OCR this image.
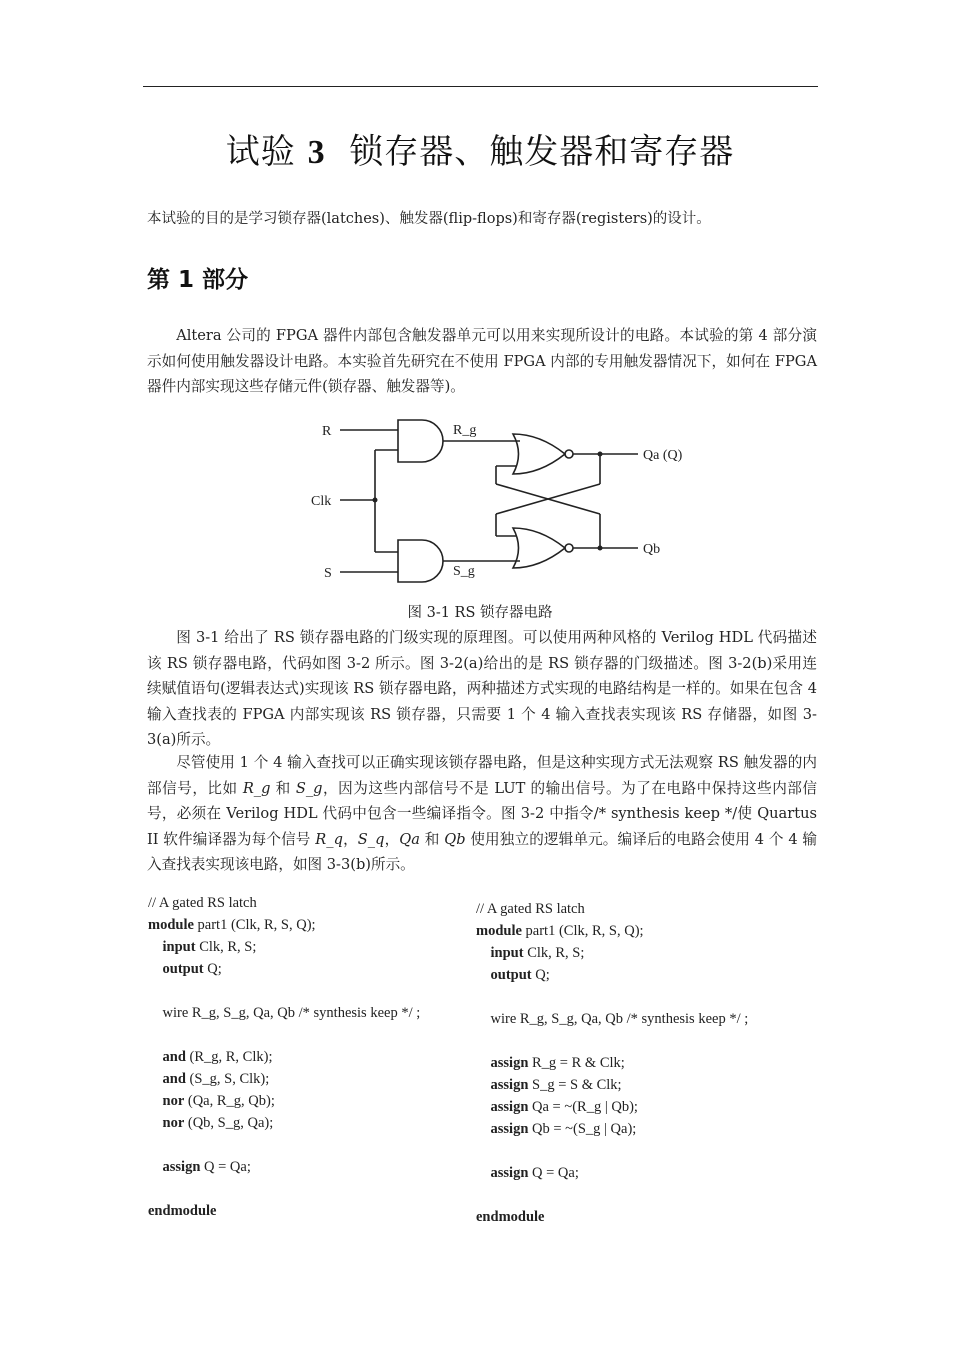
试验 3 锁存器、触发器和寄存器
本试验的目的是学习锁存器(latches)、触发器(flip-flops)和寄存器(registers)的设计。
第 1 部分
Altera 公司的 FPGA 器件内部包含触发器单元可以用来实现所设计的电路。本试验的第 4 部分演示如何使用触发器设计电路。本实验首先研究在不使用 FPGA 内部的专用触发器情况下，如何在 FPGA 器件内部实现这些存储元件(锁存器、触发器等)。
R
Clk
S
R_g
S_g
Qa (Q)
Qb
图 3-1 RS 锁存器电路
图 3-1 给出了 RS 锁存器电路的门级实现的原理图。可以使用两种风格的 Verilog HDL 代码描述该 RS 锁存器电路，代码如图 3-2 所示。图 3-2(a)给出的是 RS 锁存器的门级描述。图 3-2(b)采用连续赋值语句(逻辑表达式)实现该 RS 锁存器电路，两种描述方式实现的电路结构是一样的。如果在包含 4 输入查找表的 FPGA 内部实现该 RS 锁存器，只需要 1 个 4 输入查找表实现该 RS 存储器，如图 3-3(a)所示。
尽管使用 1 个 4 输入查找可以正确实现该锁存器电路，但是这种实现方式无法观察 RS 触发器的内部信号，比如 R_g 和 S_g，因为这些内部信号不是 LUT 的输出信号。为了在电路中保持这些内部信号，必须在 Verilog HDL 代码中包含一些编译指令。图 3-2 中指令/* synthesis keep */使 Quartus II 软件编译器为每个信号 R_q，S_q，Qa 和 Qb 使用独立的逻辑单元。编译后的电路会使用 4 个 4 输入查找表实现该电路，如图 3-3(b)所示。
// A gated RS latch
module part1 (Clk, R, S, Q);
input Clk, R, S;
output Q;

wire R_g, S_g, Qa, Qb /* synthesis keep */ ;

and (R_g, R, Clk);
and (S_g, S, Clk);
nor (Qa, R_g, Qb);
nor (Qb, S_g, Qa);

assign Q = Qa;

endmodule
// A gated RS latch
module part1 (Clk, R, S, Q);
input Clk, R, S;
output Q;

wire R_g, S_g, Qa, Qb /* synthesis keep */ ;

assign R_g = R & Clk;
assign S_g = S & Clk;
assign Qa = ~(R_g | Qb);
assign Qb = ~(S_g | Qa);

assign Q = Qa;

endmodule
